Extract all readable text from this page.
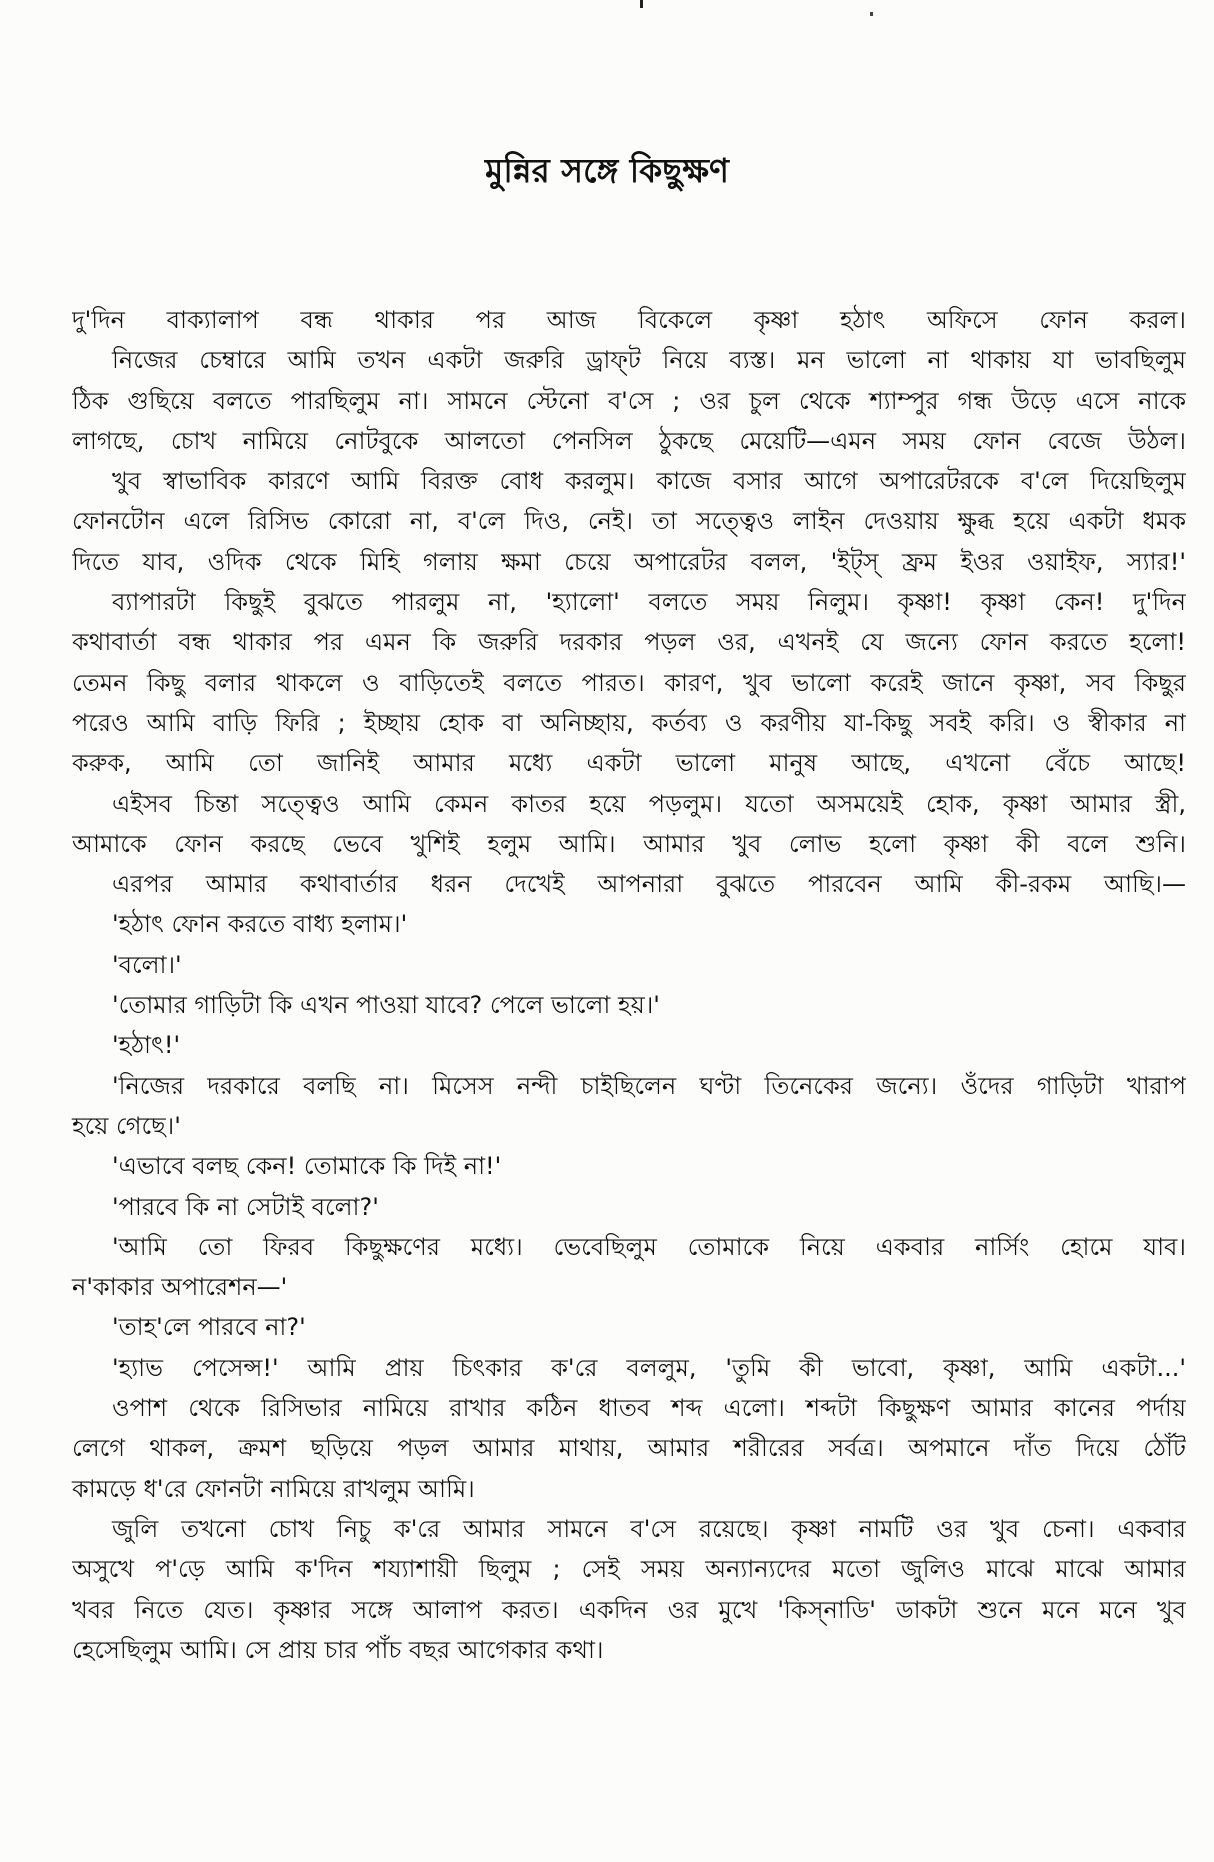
মুন্নির সঙ্গে কিছুক্ষণ
দু'দিন বাক্যালাপ বন্ধ থাকার পর আজ বিকেলে কৃষ্ণা হঠাৎ অফিসে ফোন করল।
নিজের চেম্বারে আমি তখন একটা জরুরি ড্রাফ্‌ট নিয়ে ব্যস্ত। মন ভালো না থাকায় যা ভাবছিলুম
ঠিক গুছিয়ে বলতে পারছিলুম না। সামনে স্টেনো ব'সে ; ওর চুল থেকে শ্যাম্পুর গন্ধ উড়ে এসে নাকে
লাগছে, চোখ নামিয়ে নোটবুকে আলতো পেনসিল ঠুকছে মেয়েটি—এমন সময় ফোন বেজে উঠল।
খুব স্বাভাবিক কারণে আমি বিরক্ত বোধ করলুম। কাজে বসার আগে অপারেটরকে ব'লে দিয়েছিলুম
ফোনটোন এলে রিসিভ কোরো না, ব'লে দিও, নেই। তা সত্ত্বেও লাইন দেওয়ায় ক্ষুব্ধ হয়ে একটা ধমক
দিতে যাব, ওদিক থেকে মিহি গলায় ক্ষমা চেয়ে অপারেটর বলল, 'ইট্‌স্ ফ্রম ইওর ওয়াইফ, স্যার!'
ব্যাপারটা কিছুই বুঝতে পারলুম না, 'হ্যালো' বলতে সময় নিলুম। কৃষ্ণা! কৃষ্ণা কেন! দু'দিন
কথাবার্তা বন্ধ থাকার পর এমন কি জরুরি দরকার পড়ল ওর, এখনই যে জন্যে ফোন করতে হলো!
তেমন কিছু বলার থাকলে ও বাড়িতেই বলতে পারত। কারণ, খুব ভালো করেই জানে কৃষ্ণা, সব কিছুর
পরেও আমি বাড়ি ফিরি ; ইচ্ছায় হোক বা অনিচ্ছায়, কর্তব্য ও করণীয় যা-কিছু সবই করি। ও স্বীকার না
করুক, আমি তো জানিই আমার মধ্যে একটা ভালো মানুষ আছে, এখনো বেঁচে আছে!
এইসব চিন্তা সত্ত্বেও আমি কেমন কাতর হয়ে পড়লুম। যতো অসময়েই হোক, কৃষ্ণা আমার স্ত্রী,
আমাকে ফোন করছে ভেবে খুশিই হলুম আমি। আমার খুব লোভ হলো কৃষ্ণা কী বলে শুনি।
এরপর আমার কথাবার্তার ধরন দেখেই আপনারা বুঝতে পারবেন আমি কী-রকম আছি।—
'হঠাৎ ফোন করতে বাধ্য হলাম।'
'বলো।'
'তোমার গাড়িটা কি এখন পাওয়া যাবে? পেলে ভালো হয়।'
'হঠাৎ!'
'নিজের দরকারে বলছি না। মিসেস নন্দী চাইছিলেন ঘণ্টা তিনেকের জন্যে। ওঁদের গাড়িটা খারাপ
হয়ে গেছে।'
'এভাবে বলছ কেন! তোমাকে কি দিই না!'
'পারবে কি না সেটাই বলো?'
'আমি তো ফিরব কিছুক্ষণের মধ্যে। ভেবেছিলুম তোমাকে নিয়ে একবার নার্সিং হোমে যাব।
ন'কাকার অপারেশন—'
'তাহ'লে পারবে না?'
'হ্যাভ পেসেন্স!' আমি প্রায় চিৎকার ক'রে বললুম, 'তুমি কী ভাবো, কৃষ্ণা, আমি একটা...'
ওপাশ থেকে রিসিভার নামিয়ে রাখার কঠিন ধাতব শব্দ এলো। শব্দটা কিছুক্ষণ আমার কানের পর্দায়
লেগে থাকল, ক্রমশ ছড়িয়ে পড়ল আমার মাথায়, আমার শরীরের সর্বত্র। অপমানে দাঁত দিয়ে ঠোঁট
কামড়ে ধ'রে ফোনটা নামিয়ে রাখলুম আমি।
জুলি তখনো চোখ নিচু ক'রে আমার সামনে ব'সে রয়েছে। কৃষ্ণা নামটি ওর খুব চেনা। একবার
অসুখে প'ড়ে আমি ক'দিন শয্যাশায়ী ছিলুম ; সেই সময় অন্যান্যদের মতো জুলিও মাঝে মাঝে আমার
খবর নিতে যেত। কৃষ্ণার সঙ্গে আলাপ করত। একদিন ওর মুখে 'কিস্‌নাডি' ডাকটা শুনে মনে মনে খুব
হেসেছিলুম আমি। সে প্রায় চার পাঁচ বছর আগেকার কথা।
